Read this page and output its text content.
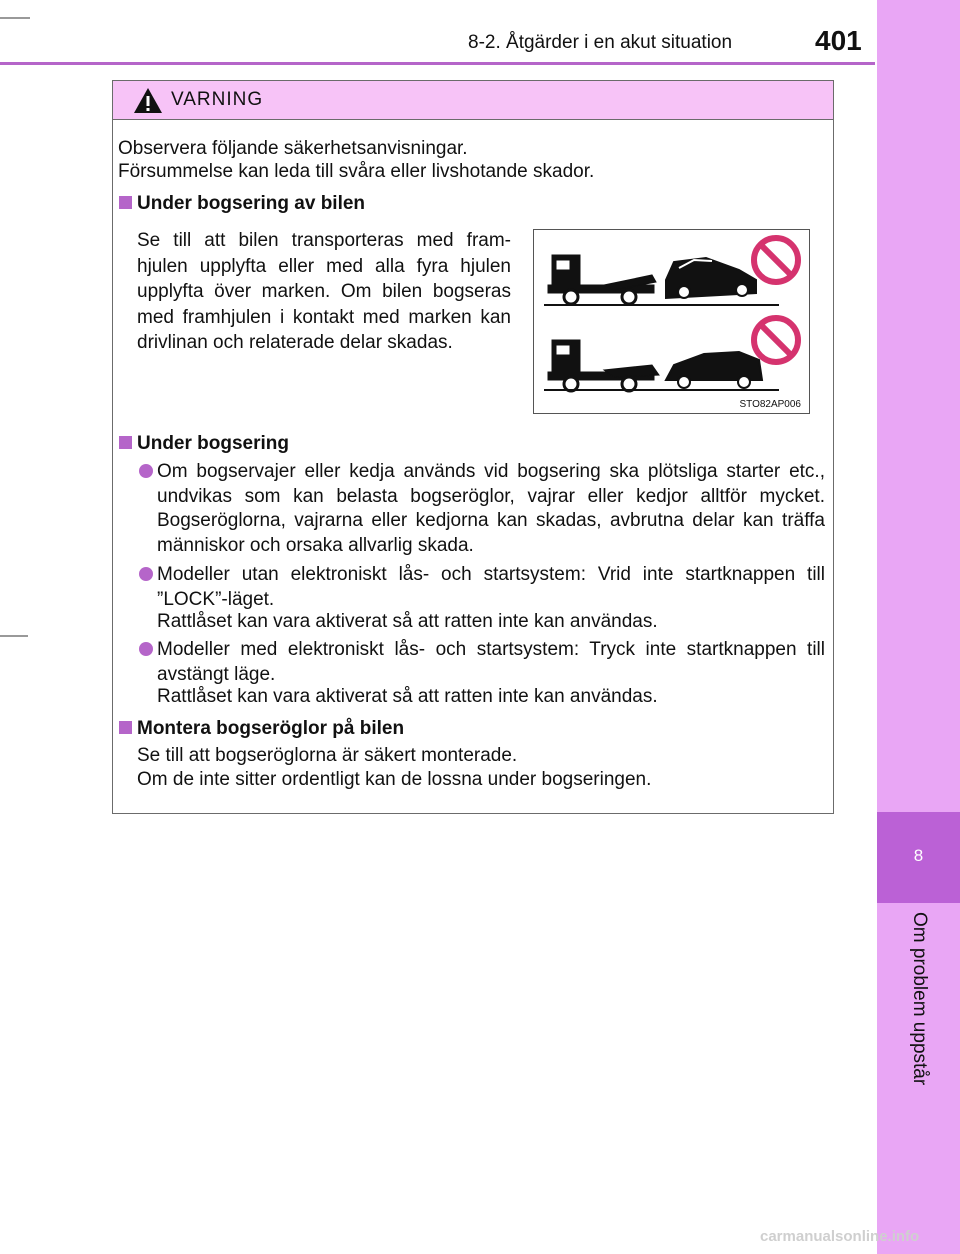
8
Om problem uppstår
8-2. Åtgärder i en akut situation	401
VARNING
Observera följande säkerhetsanvisningar.
Försummelse kan leda till svåra eller livshotande skador.
Under bogsering av bilen
Se till att bilen transporteras med fram-hjulen upplyfta eller med alla fyra hjulen upplyfta över marken. Om bilen bogseras med framhjulen i kontakt med marken kan drivlinan och relaterade delar skadas.
STO82AP006
Under bogsering
Om bogservajer eller kedja används vid bogsering ska plötsliga starter etc., undvikas som kan belasta bogseröglor, vajrar eller kedjor alltför mycket. Bogseröglorna, vajrarna eller kedjorna kan skadas, avbrutna delar kan träffa människor och orsaka allvarlig skada.
Modeller utan elektroniskt lås- och startsystem: Vrid inte startknappen till ”LOCK”-läget.
Rattlåset kan vara aktiverat så att ratten inte kan användas.
Modeller med elektroniskt lås- och startsystem: Tryck inte startknappen till avstängt läge.
Rattlåset kan vara aktiverat så att ratten inte kan användas.
Montera bogseröglor på bilen
Se till att bogseröglorna är säkert monterade.
Om de inte sitter ordentligt kan de lossna under bogseringen.
carmanualsonline.info
